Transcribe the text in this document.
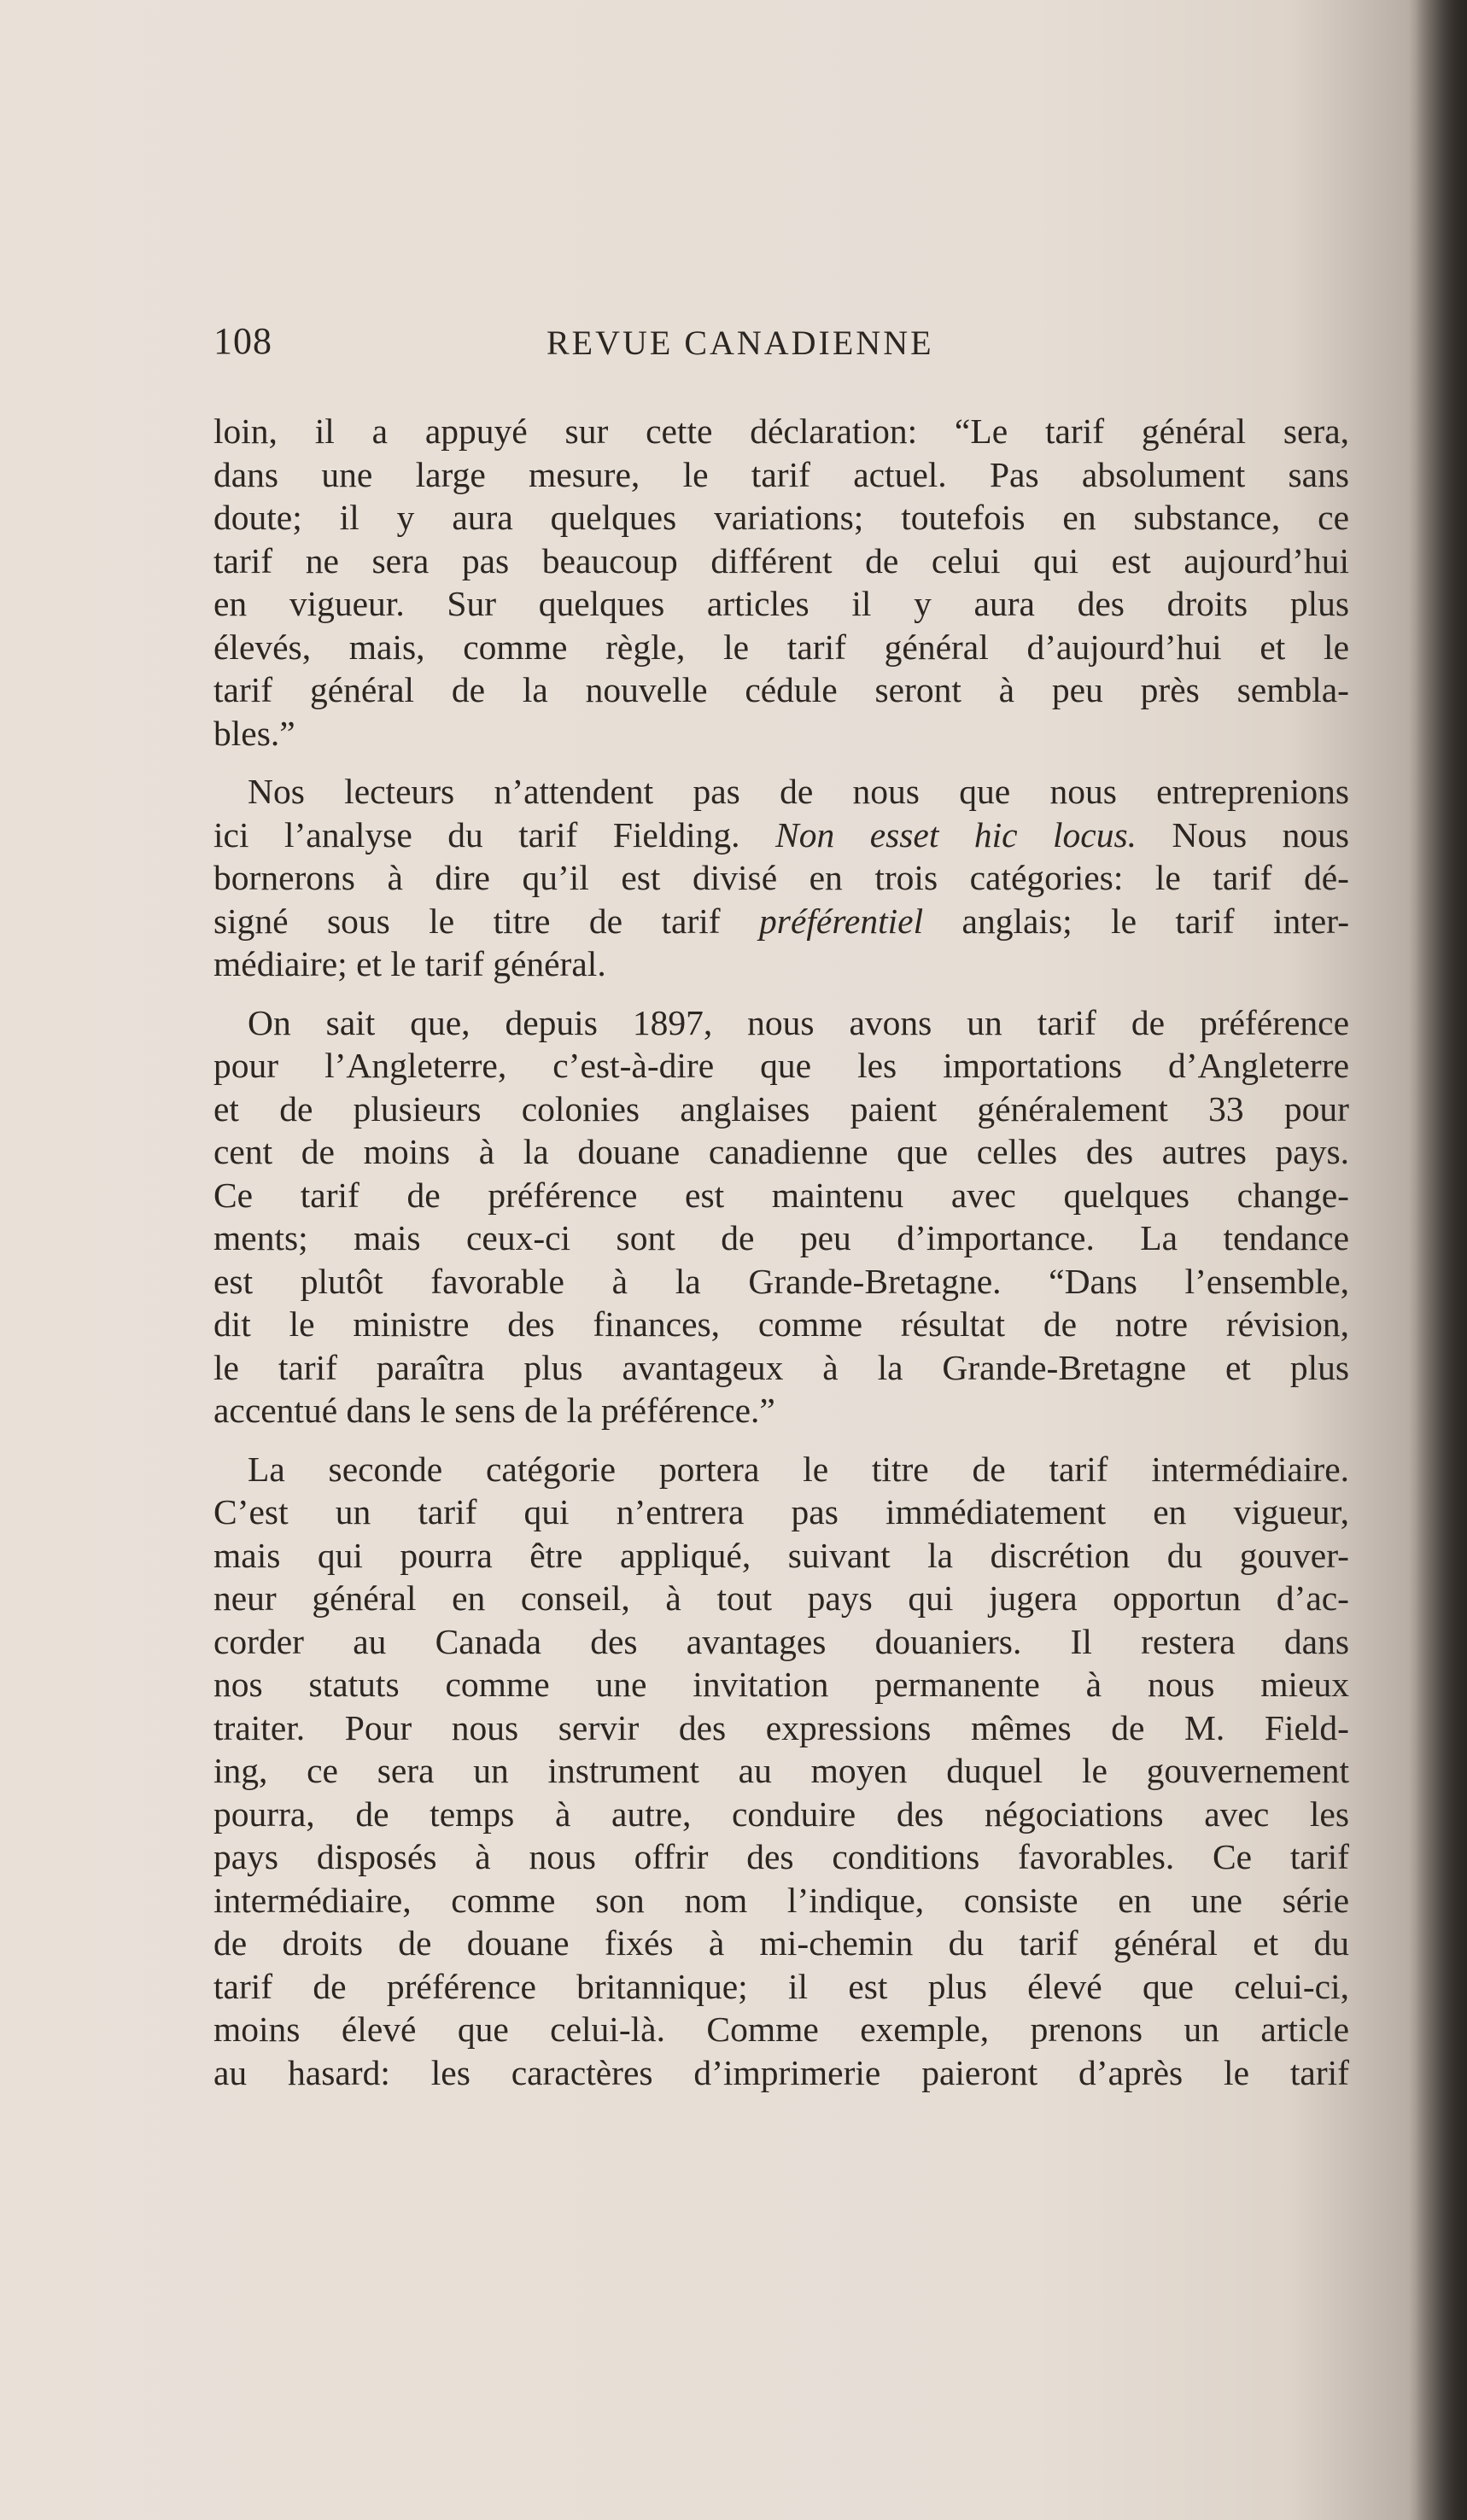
108	REVUE CANADIENNE

loin, il a appuyé sur cette déclaration: “Le tarif général sera,
dans une large mesure, le tarif actuel. Pas absolument sans
doute; il y aura quelques variations; toutefois en substance, ce
tarif ne sera pas beaucoup différent de celui qui est aujourd’hui
en vigueur. Sur quelques articles il y aura des droits plus
élevés, mais, comme règle, le tarif général d’aujourd’hui et le
tarif général de la nouvelle cédule seront à peu près sembla-
bles.”

Nos lecteurs n’attendent pas de nous que nous entreprenions
ici l’analyse du tarif Fielding. Non esset hic locus. Nous nous
bornerons à dire qu’il est divisé en trois catégories: le tarif dé-
signé sous le titre de tarif préférentiel anglais; le tarif inter-
médiaire; et le tarif général.

On sait que, depuis 1897, nous avons un tarif de préférence
pour l’Angleterre, c’est-à-dire que les importations d’Angleterre
et de plusieurs colonies anglaises paient généralement 33 pour
cent de moins à la douane canadienne que celles des autres pays.
Ce tarif de préférence est maintenu avec quelques change-
ments; mais ceux-ci sont de peu d’importance. La tendance
est plutôt favorable à la Grande-Bretagne. “Dans l’ensemble,
dit le ministre des finances, comme résultat de notre révision,
le tarif paraîtra plus avantageux à la Grande-Bretagne et plus
accentué dans le sens de la préférence.”

La seconde catégorie portera le titre de tarif intermédiaire.
C’est un tarif qui n’entrera pas immédiatement en vigueur,
mais qui pourra être appliqué, suivant la discrétion du gouver-
neur général en conseil, à tout pays qui jugera opportun d’ac-
corder au Canada des avantages douaniers. Il restera dans
nos statuts comme une invitation permanente à nous mieux
traiter. Pour nous servir des expressions mêmes de M. Field-
ing, ce sera un instrument au moyen duquel le gouvernement
pourra, de temps à autre, conduire des négociations avec les
pays disposés à nous offrir des conditions favorables. Ce tarif
intermédiaire, comme son nom l’indique, consiste en une série
de droits de douane fixés à mi-chemin du tarif général et du
tarif de préférence britannique; il est plus élevé que celui-ci,
moins élevé que celui-là. Comme exemple, prenons un article
au hasard: les caractères d’imprimerie paieront d’après le tarif
